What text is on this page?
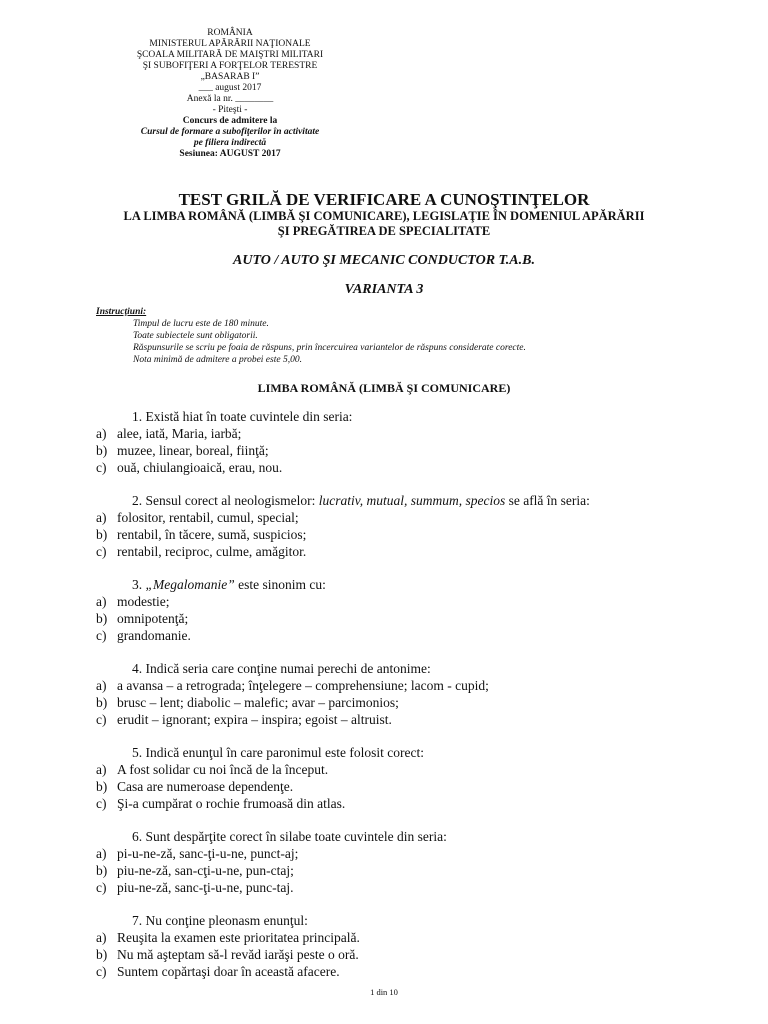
ROMÂNIA
MINISTERUL APĂRĂRII NAŢIONALE
ŞCOALA MILITARĂ DE MAIŞTRI MILITARI
ŞI SUBOFIŢERI A FORŢELOR TERESTRE
„BASARAB I”
___ august 2017
Anexă la nr. ________
- Piteşti -
Concurs de admitere la
Cursul de formare a subofiţerilor în activitate
pe filiera indirectă
Sesiunea: AUGUST 2017
TEST GRILĂ DE VERIFICARE A CUNOŞTINŢELOR
LA LIMBA ROMÂNĂ (LIMBĂ ŞI COMUNICARE), LEGISLAŢIE ÎN DOMENIUL APĂRĂRII
ŞI PREGĂTIREA DE SPECIALITATE
AUTO / AUTO ŞI MECANIC CONDUCTOR T.A.B.
VARIANTA 3
Instrucţiuni:
Timpul de lucru este de 180 minute.
Toate subiectele sunt obligatorii.
Răspunsurile se scriu pe foaia de răspuns, prin încercuirea variantelor de răspuns considerate corecte.
Nota minimă de admitere a probei este 5,00.
LIMBA ROMÂNĂ (LIMBĂ ŞI COMUNICARE)
1. Există hiat în toate cuvintele din seria:
a) alee, iată, Maria, iarbă;
b) muzee, linear, boreal, fiinţă;
c) ouă, chiulangioaică, erau, nou.
2. Sensul corect al neologismelor: lucrativ, mutual, summum, specios se află în seria:
a) folositor, rentabil, cumul, special;
b) rentabil, în tăcere, sumă, suspicios;
c) rentabil, reciproc, culme, amăgitor.
3. „Megalomanie” este sinonim cu:
a) modestie;
b) omnipotenţă;
c) grandomanie.
4. Indică seria care conţine numai perechi de antonime:
a) a avansa – a retrograda; înţelegere – comprehensiune; lacom - cupid;
b) brusc – lent; diabolic – malefic; avar – parcimonios;
c) erudit – ignorant; expira – inspira; egoist – altruist.
5. Indică enunţul în care paronimul este folosit corect:
a) A fost solidar cu noi încă de la început.
b) Casa are numeroase dependenţe.
c) Şi-a cumpărat o rochie frumoasă din atlas.
6. Sunt despărţite corect în silabe toate cuvintele din seria:
a) pi-u-ne-ză, sanc-ţi-u-ne, punct-aj;
b) piu-ne-ză, san-cţi-u-ne, pun-ctaj;
c) piu-ne-ză, sanc-ţi-u-ne, punc-taj.
7. Nu conţine pleonasm enunţul:
a) Reuşita la examen este prioritatea principală.
b) Nu mă aşteptam să-l revăd iarăşi peste o oră.
c) Suntem copărtaşi doar în această afacere.
1 din 10
